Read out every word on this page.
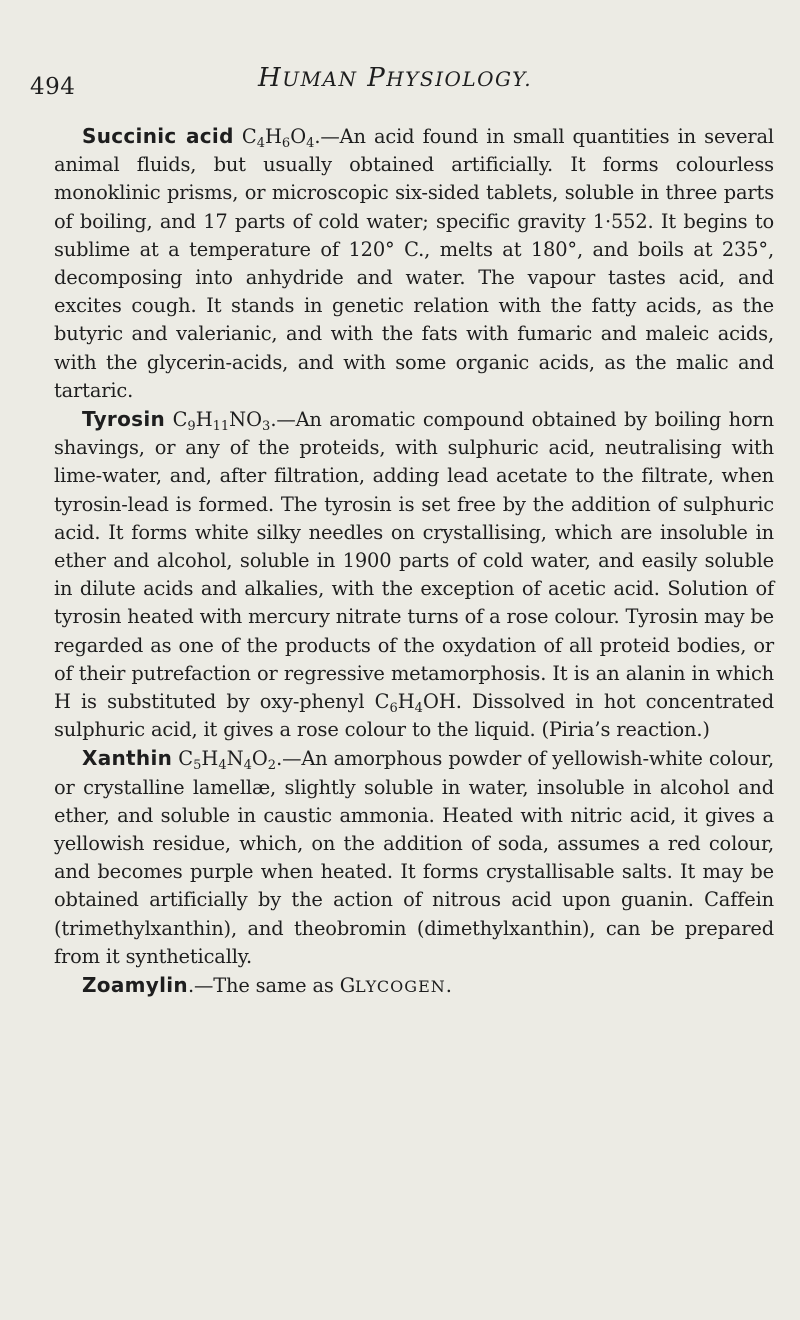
494	HUMAN PHYSIOLOGY.

Succinic acid $C_4H_6O_4.—An$ acid found in small quantities in several animal fluids, but usually obtained artificially. It forms colourless monoklinic prisms, or microscopic six-sided tablets, soluble in three parts of boiling, and 17 parts of cold water; specific gravity 1·552. It begins to sublime at a temperature of 120° C., melts at 180°, and boils at 235°, decomposing into anhydride and water. The vapour tastes acid, and excites cough. It stands in genetic relation with the fatty acids, as the butyric and valerianic, and with the fats with fumaric and maleic acids, with the glycerin-acids, and with some organic acids, as the malic and tartaric.

Tyrosin $C_9H_{11}NO_3.—An$ aromatic compound obtained by boiling horn shavings, or any of the proteids, with sulphuric acid, neutralising with lime-water, and, after filtration, adding lead acetate to the filtrate, when tyrosin-lead is formed. The tyrosin is set free by the addition of sulphuric acid. It forms white silky needles on crystallising, which are insoluble in ether and alcohol, soluble in 1900 parts of cold water, and easily soluble in dilute acids and alkalies, with the exception of acetic acid. Solution of tyrosin heated with mercury nitrate turns of a rose colour. Tyrosin may be regarded as one of the products of the oxydation of all proteid bodies, or of their putrefaction or regressive metamorphosis. It is an alanin in which H is substituted by oxy-phenyl $C_6H_4OH$. Dissolved in hot concentrated sulphuric acid, it gives a rose colour to the liquid. (Piria’s reaction.)

Xanthin $C_5H_4N_4O_2.—An$ amorphous powder of yellowish-white colour, or crystalline lamellæ, slightly soluble in water, insoluble in alcohol and ether, and soluble in caustic ammonia. Heated with nitric acid, it gives a yellowish residue, which, on the addition of soda, assumes a red colour, and becomes purple when heated. It forms crystallisable salts. It may be obtained artificially by the action of nitrous acid upon guanin. Caffein (trimethylxanthin), and theobromin (dimethylxanthin), can be prepared from it synthetically.

Zoamylin.—The same as GLYCOGEN.
